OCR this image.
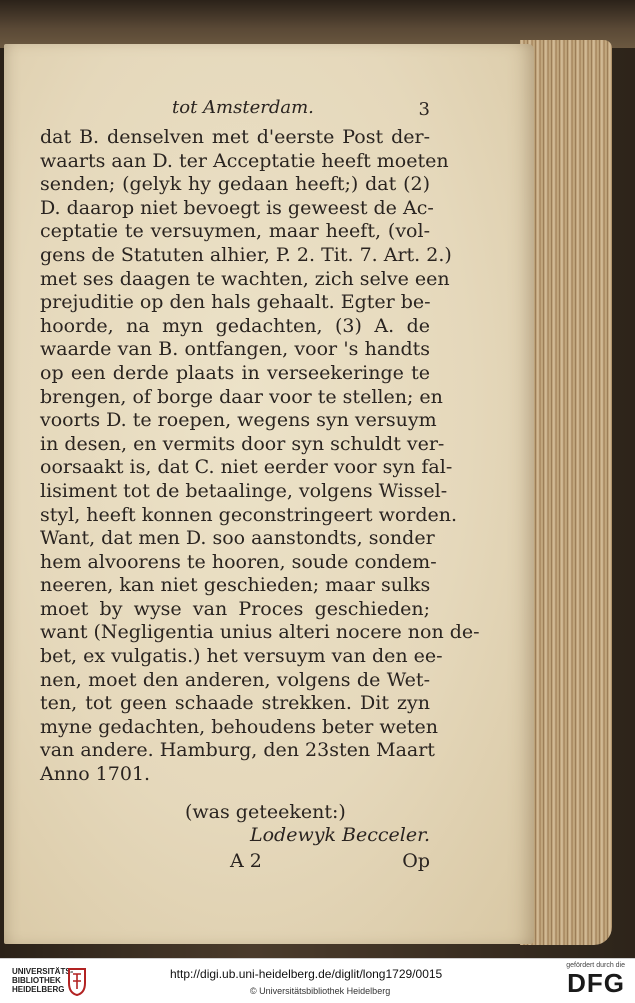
tot Amsterdam.	3
dat B. denselven met d'eerste Post der-
waarts aan D. ter Acceptatie heeft moeten
senden; (gelyk hy gedaan heeft;) dat (2)
D. daarop niet bevoegt is geweest de Ac-
ceptatie te versuymen, maar heeft, (vol-
gens de Statuten alhier, P. 2. Tit. 7. Art. 2.)
met ses daagen te wachten, zich selve een
prejuditie op den hals gehaalt. Egter be-
hoorde, na myn gedachten, (3) A. de
waarde van B. ontfangen, voor 's handts
op een derde plaats in verseekeringe te
brengen, of borge daar voor te stellen; en
voorts D. te roepen, wegens syn versuym
in desen, en vermits door syn schuldt ver-
oorsaakt is, dat C. niet eerder voor syn fal-
lisiment tot de betaalinge, volgens Wissel-
styl, heeft konnen geconstringeert worden.
Want, dat men D. soo aanstondts, sonder
hem alvoorens te hooren, soude condem-
neeren, kan niet geschieden; maar sulks
moet by wyse van Proces geschieden;
want (Negligentia unius alteri nocere non de-
bet, ex vulgatis.) het versuym van den ee-
nen, moet den anderen, volgens de Wet-
ten, tot geen schaade strekken. Dit zyn
myne gedachten, behoudens beter weten
van andere. Hamburg, den 23sten Maart
Anno 1701.
(was geteekent:)
Lodewyk Becceler.
A 2	Op
UNIVERSITÄTS-
BIBLIOTHEK
HEIDELBERG
http://digi.ub.uni-heidelberg.de/diglit/long1729/0015
© Universitätsbibliothek Heidelberg
gefördert durch die
DFG
